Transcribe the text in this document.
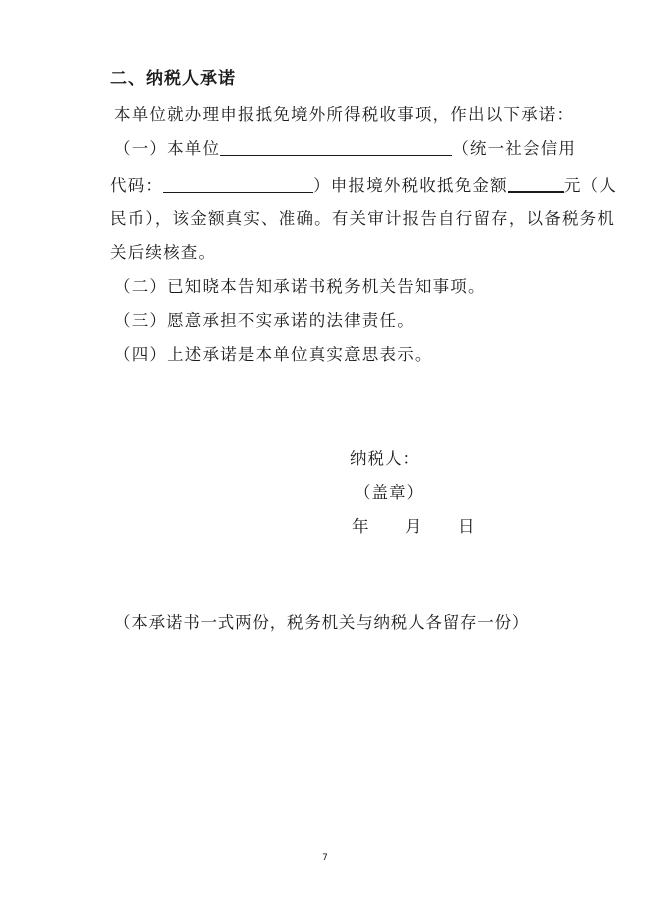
二、纳税人承诺

本单位就办理申报抵免境外所得税收事项，作出以下承诺：

（一）本单位	（统一社会信用

代码：	）申报境外税收抵免金额	元（人

民币），该金额真实、准确。有关审计报告自行留存，以备税务机

关后续核查。

（二）已知晓本告知承诺书税务机关告知事项。

（三）愿意承担不实承诺的法律责任。

（四）上述承诺是本单位真实意思表示。

纳税人：

（盖章）

年 月 日

（本承诺书一式两份，税务机关与纳税人各留存一份）

7
